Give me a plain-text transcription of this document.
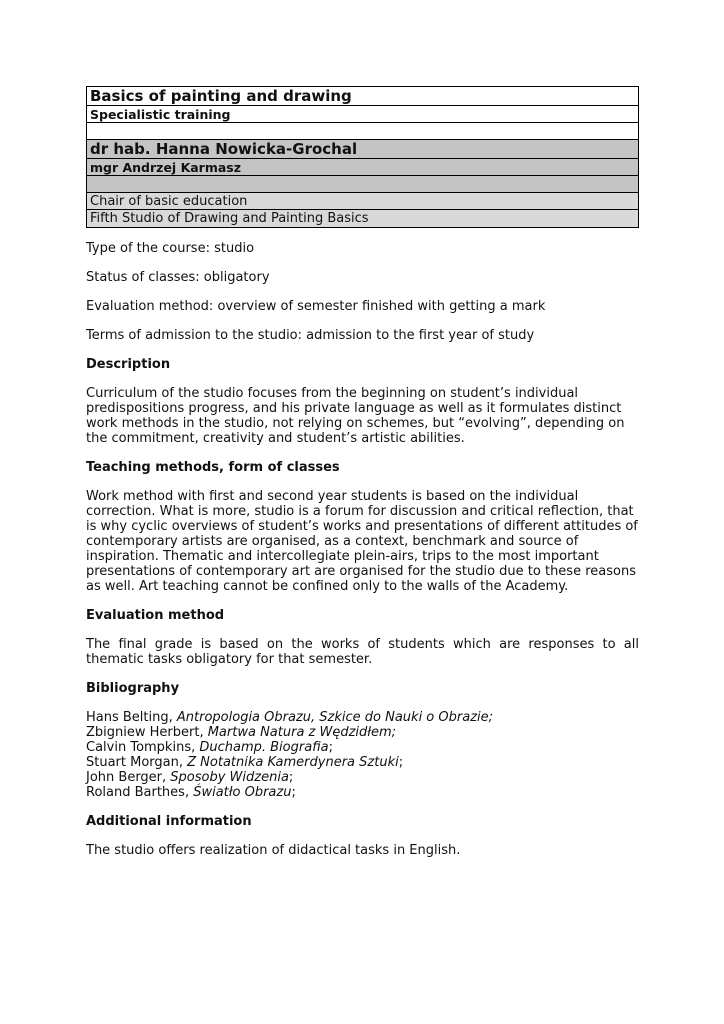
Basics of painting and drawing
Specialistic training
dr hab. Hanna Nowicka-Grochal
mgr Andrzej Karmasz
Chair of basic education
Fifth Studio of Drawing and Painting Basics

Type of the course: studio

Status of classes: obligatory

Evaluation method: overview of semester finished with getting a mark

Terms of admission to the studio: admission to the first year of study

Description

Curriculum of the studio focuses from the beginning on student’s individual predispositions progress, and his private language as well as it formulates distinct work methods in the studio, not relying on schemes, but “evolving”, depending on the commitment, creativity and student’s artistic abilities.

Teaching methods, form of classes

Work method with first and second year students is based on the individual correction. What is more, studio is a forum for discussion and critical reflection, that is why cyclic overviews of student’s works and presentations of different attitudes of contemporary artists are organised, as a context, benchmark and source of inspiration. Thematic and intercollegiate plein-airs, trips to the most important presentations of contemporary art are organised for the studio due to these reasons as well. Art teaching cannot be confined only to the walls of the Academy.

Evaluation method

The final grade is based on the works of students which are responses to all thematic tasks obligatory for that semester.

Bibliography

Hans Belting, Antropologia Obrazu, Szkice do Nauki o Obrazie;
Zbigniew Herbert, Martwa Natura z Wędzidłem;
Calvin Tompkins, Duchamp. Biografia;
Stuart Morgan, Z Notatnika Kamerdynera Sztuki;
John Berger, Sposoby Widzenia;
Roland Barthes, Światło Obrazu;

Additional information

The studio offers realization of didactical tasks in English.
